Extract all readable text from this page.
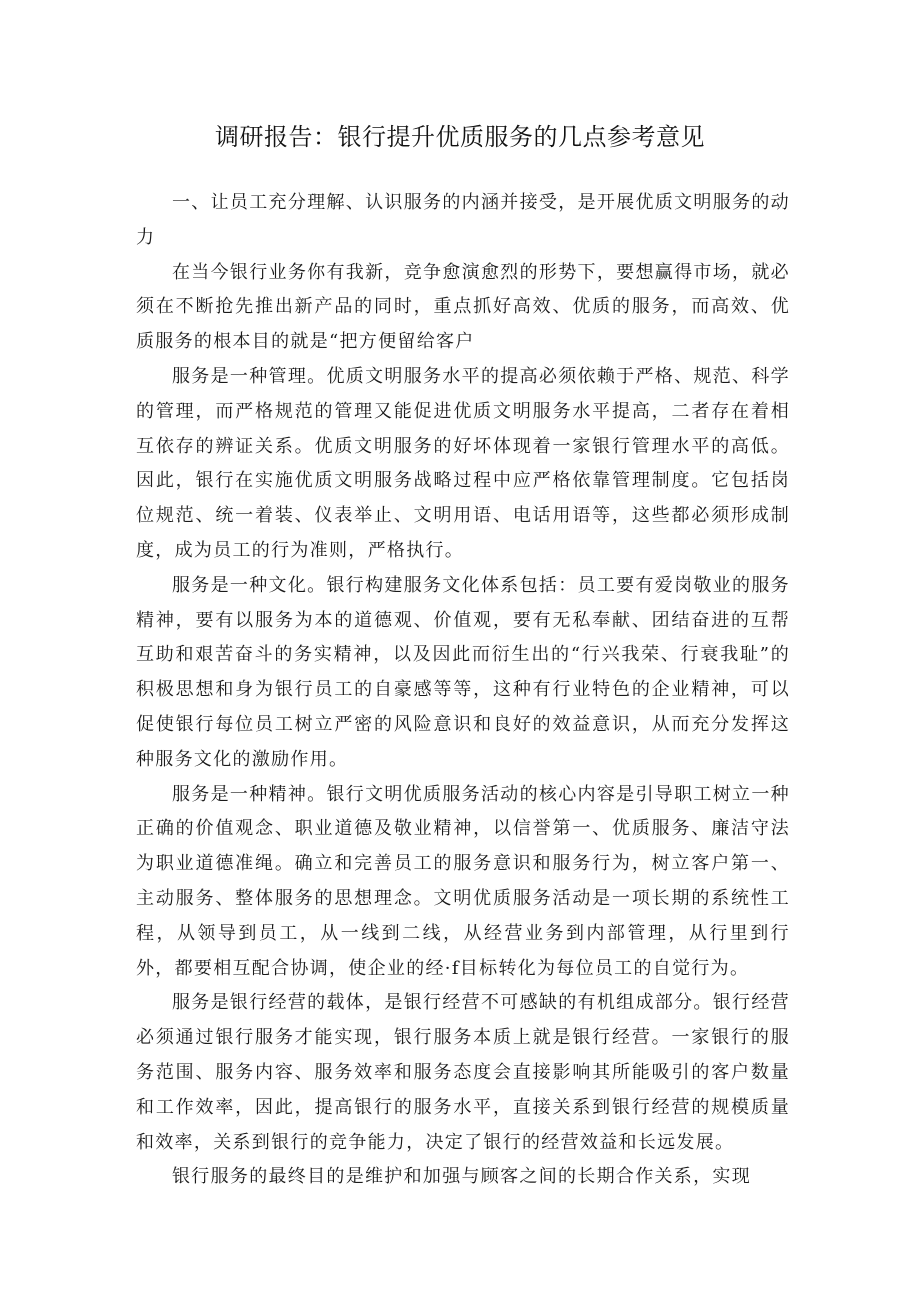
调研报告：银行提升优质服务的几点参考意见

一、让员工充分理解、认识服务的内涵并接受，是开展优质文明服务的动力

在当今银行业务你有我新，竞争愈演愈烈的形势下，要想赢得市场，就必须在不断抢先推出新产品的同时，重点抓好高效、优质的服务，而高效、优质服务的根本目的就是“把方便留给客户

服务是一种管理。优质文明服务水平的提高必须依赖于严格、规范、科学的管理，而严格规范的管理又能促进优质文明服务水平提高，二者存在着相互依存的辨证关系。优质文明服务的好坏体现着一家银行管理水平的高低。因此，银行在实施优质文明服务战略过程中应严格依靠管理制度。它包括岗位规范、统一着装、仪表举止、文明用语、电话用语等，这些都必须形成制度，成为员工的行为准则，严格执行。

服务是一种文化。银行构建服务文化体系包括：员工要有爱岗敬业的服务精神，要有以服务为本的道德观、价值观，要有无私奉献、团结奋进的互帮互助和艰苦奋斗的务实精神，以及因此而衍生出的“行兴我荣、行衰我耻”的积极思想和身为银行员工的自豪感等等，这种有行业特色的企业精神，可以促使银行每位员工树立严密的风险意识和良好的效益意识，从而充分发挥这种服务文化的激励作用。

服务是一种精神。银行文明优质服务活动的核心内容是引导职工树立一种正确的价值观念、职业道德及敬业精神，以信誉第一、优质服务、廉洁守法为职业道德准绳。确立和完善员工的服务意识和服务行为，树立客户第一、主动服务、整体服务的思想理念。文明优质服务活动是一项长期的系统性工程，从领导到员工，从一线到二线，从经营业务到内部管理，从行里到行外，都要相互配合协调，使企业的经·f目标转化为每位员工的自觉行为。

服务是银行经营的载体，是银行经营不可感缺的有机组成部分。银行经营必须通过银行服务才能实现，银行服务本质上就是银行经营。一家银行的服务范围、服务内容、服务效率和服务态度会直接影响其所能吸引的客户数量和工作效率，因此，提高银行的服务水平，直接关系到银行经营的规模质量和效率，关系到银行的竞争能力，决定了银行的经营效益和长远发展。

银行服务的最终目的是维护和加强与顾客之间的长期合作关系，实现
